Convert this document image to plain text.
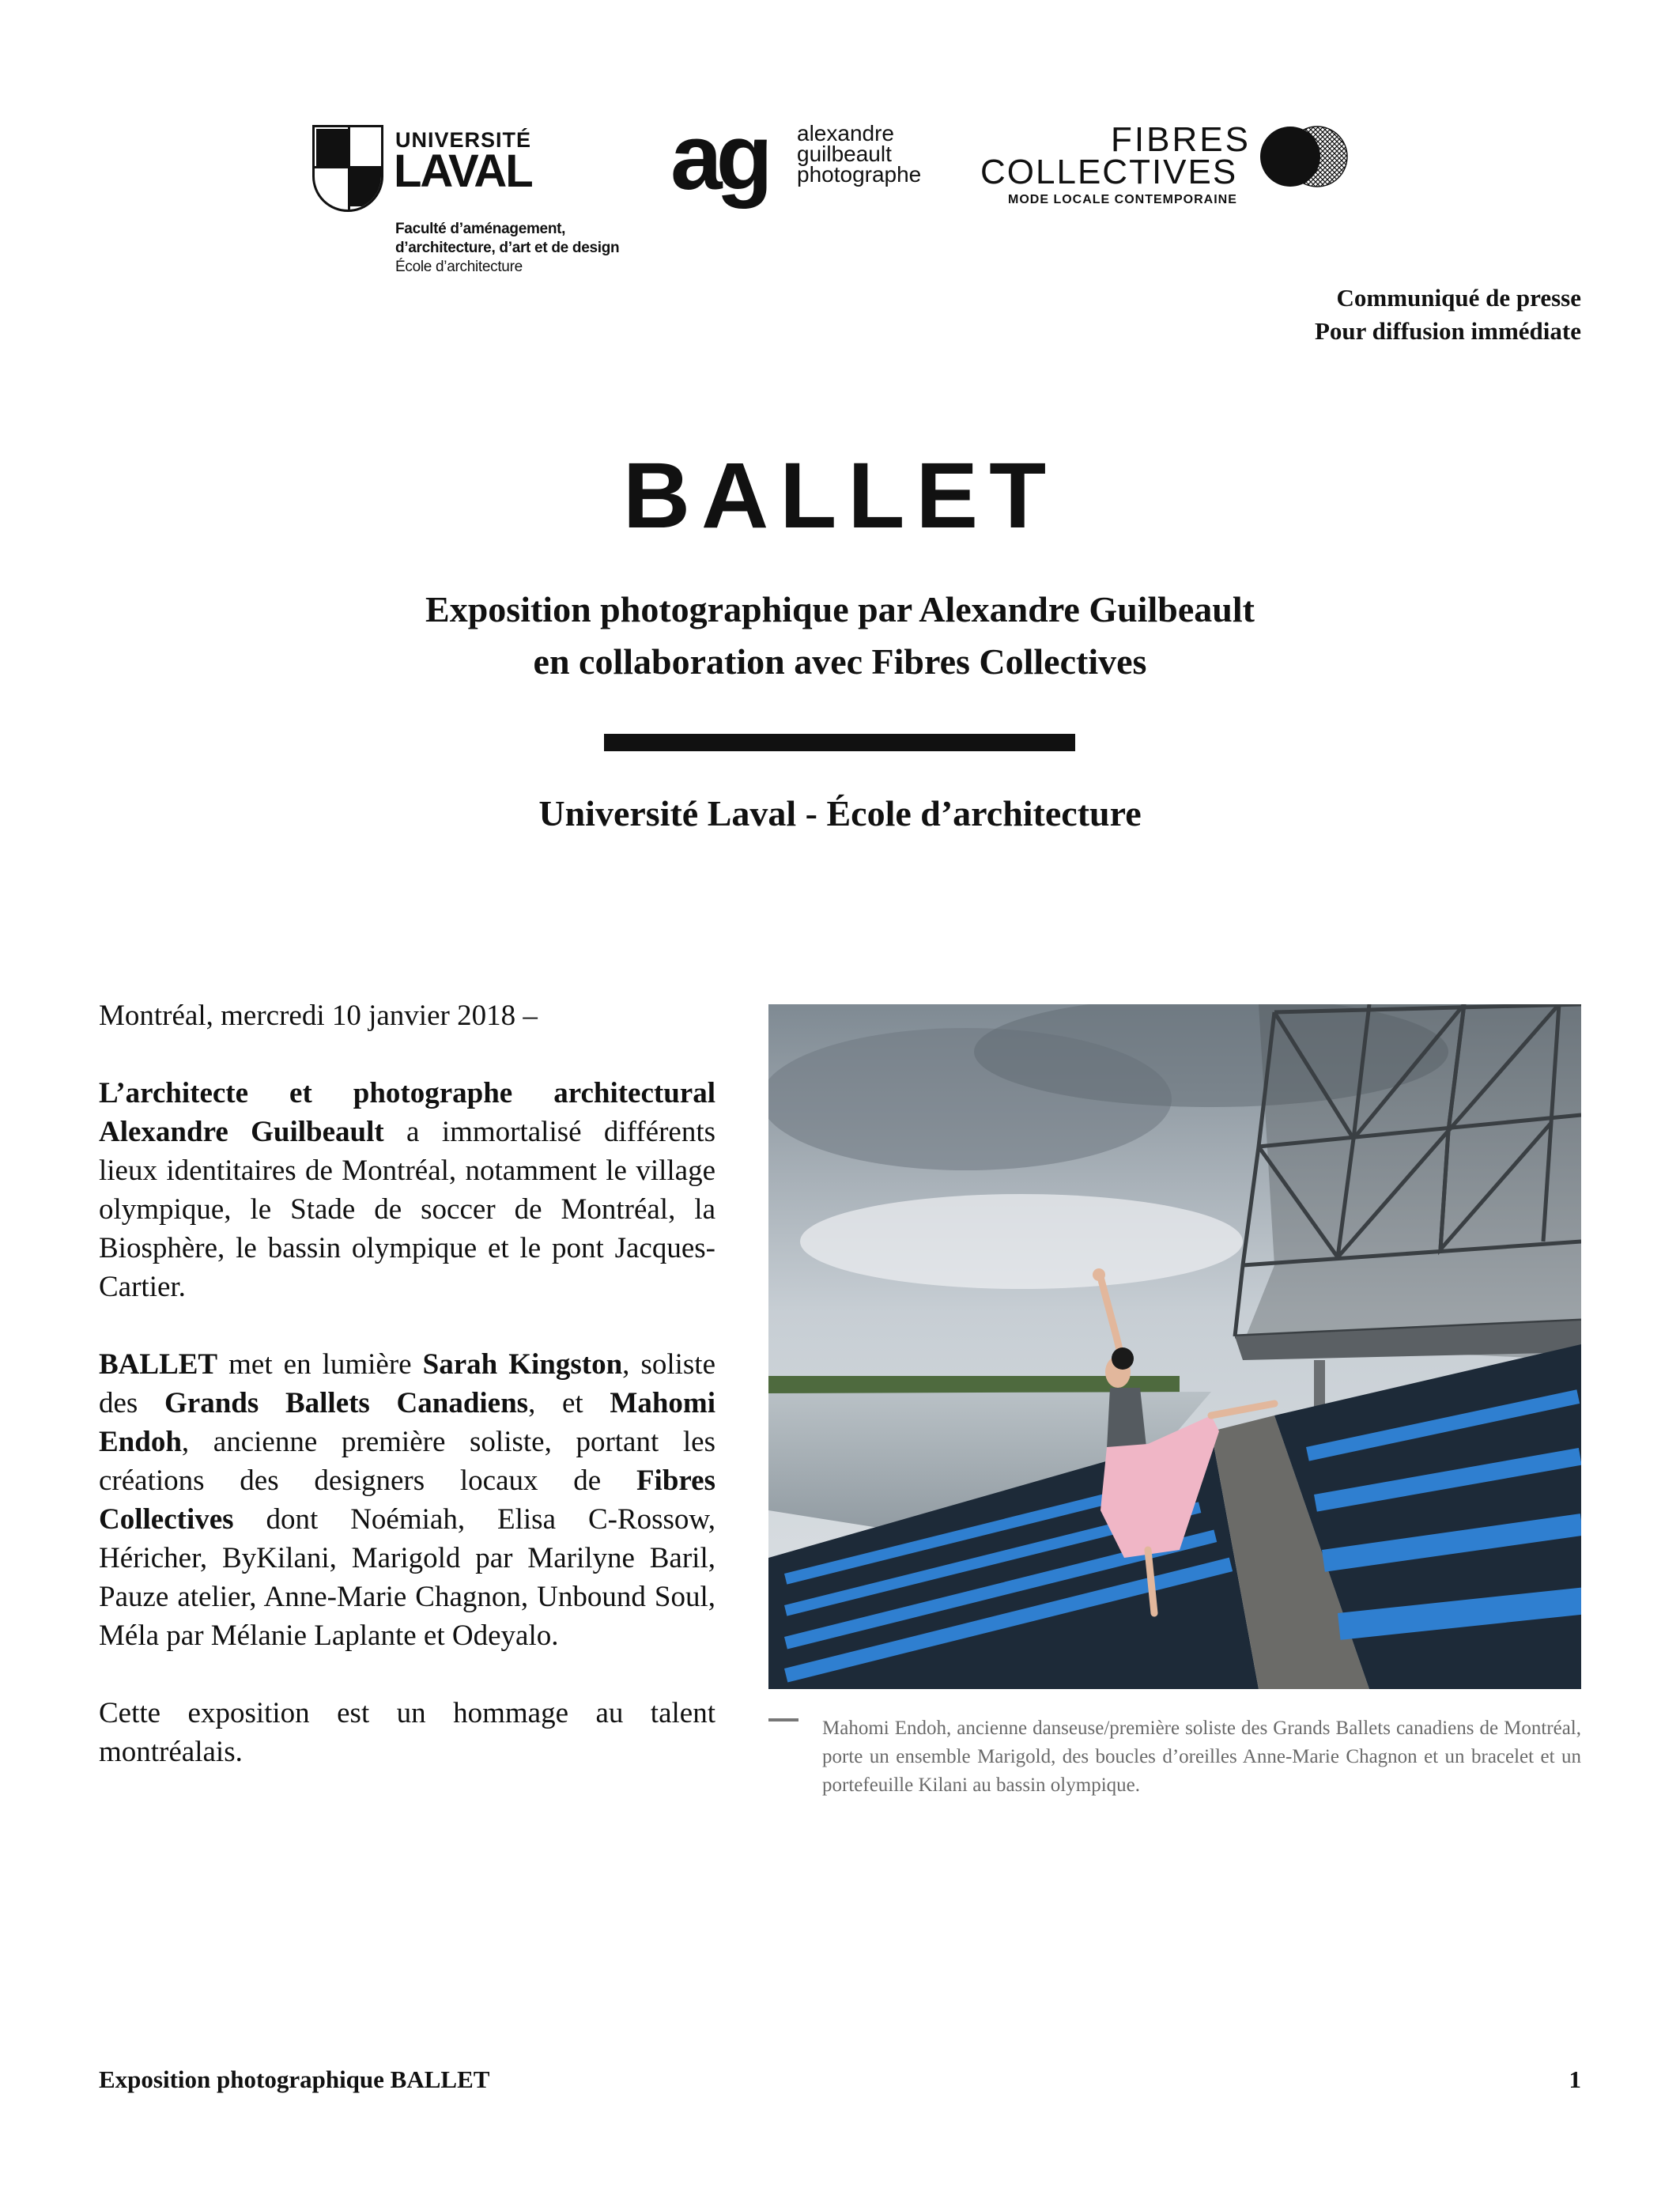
UNIVERSITÉ
LAVAL
Faculté d’aménagement,
d’architecture, d’art et de design
École d’architecture
ag alexandre
guilbeault
photographe
FIBRES
COLLECTIVES
MODE LOCALE CONTEMPORAINE
Communiqué de presse
Pour diffusion immédiate
BALLET
Exposition photographique par Alexandre Guilbeault
en collaboration avec Fibres Collectives
Université Laval - École d’architecture

Montréal, mercredi 10 janvier 2018 –

L’architecte et photographe architectural Alexandre Guilbeault a immortalisé différents lieux identitaires de Montréal, notamment le village olympique, le Stade de soccer de Montréal, la Biosphère, le bassin olympique et le pont Jacques-Cartier.

BALLET met en lumière Sarah Kingston, soliste des Grands Ballets Canadiens, et Mahomi Endoh, ancienne première soliste, portant les créations des designers locaux de Fibres Collectives dont Noémiah, Elisa C-Rossow, Héricher, ByKilani, Marigold par Marilyne Baril, Pauze atelier, Anne-Marie Chagnon, Unbound Soul, Méla par Mélanie Laplante et Odeyalo.

Cette exposition est un hommage au talent montréalais.

Mahomi Endoh, ancienne danseuse/première soliste des Grands Ballets canadiens de Montréal, porte un ensemble Marigold, des boucles d’oreilles Anne-Marie Chagnon et un bracelet et un portefeuille Kilani au bassin olympique.
Exposition photographique BALLET	1
